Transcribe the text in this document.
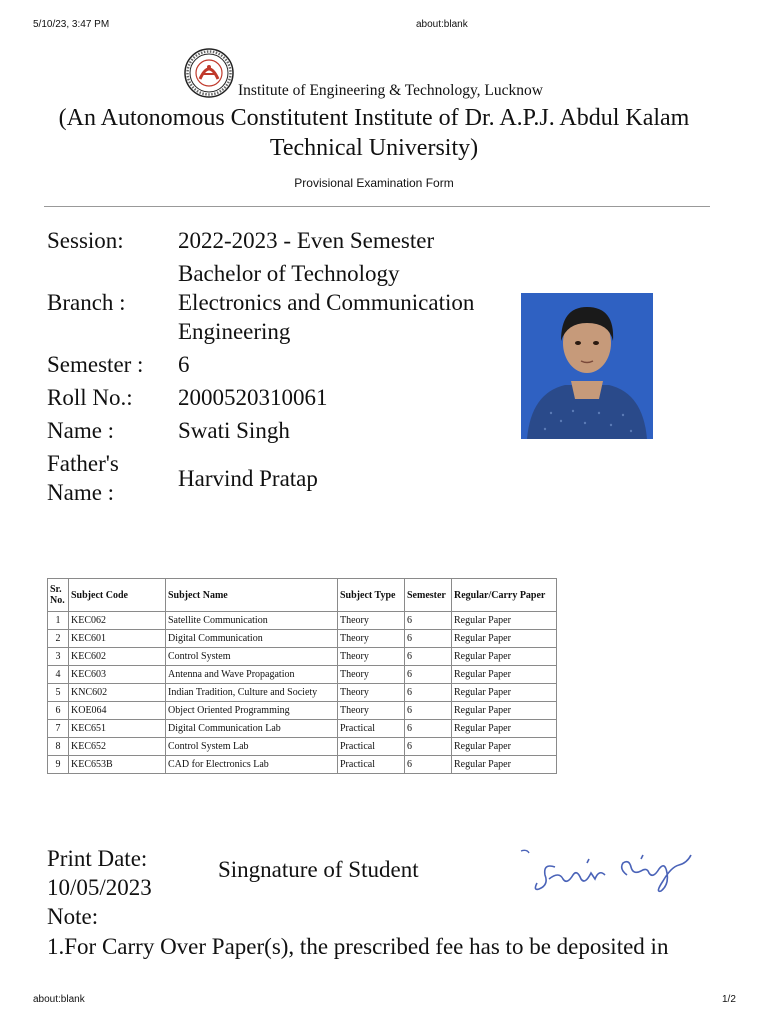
5/10/23, 3:47 PM	about:blank
about:blank	1/2
Institute of Engineering & Technology, Lucknow
(An Autonomous Constitutent Institute of Dr. A.P.J. Abdul Kalam Technical University)
Provisional Examination Form
Session: 2022-2023 - Even Semester
Bachelor of Technology
Branch : Electronics and Communication
Engineering
Semester : 6
Roll No.: 2000520310061
Name :	Swati Singh
Father's
Name :
Harvind Pratap
Sr. No.	Subject Code	Subject Name	Subject Type	Semester	Regular/Carry Paper
1	KEC062	Satellite Communication	Theory	6	Regular Paper
2	KEC601	Digital Communication	Theory	6	Regular Paper
3	KEC602	Control System	Theory	6	Regular Paper
4	KEC603	Antenna and Wave Propagation	Theory	6	Regular Paper
5	KNC602	Indian Tradition, Culture and Society	Theory	6	Regular Paper
6	KOE064	Object Oriented Programming	Theory	6	Regular Paper
7	KEC651	Digital Communication Lab	Practical	6	Regular Paper
8	KEC652	Control System Lab	Practical	6	Regular Paper
9	KEC653B	CAD for Electronics Lab	Practical	6	Regular Paper
Print Date:
10/05/2023
Singnature of Student
Note:
1.For Carry Over Paper(s), the prescribed fee has to be deposited in
